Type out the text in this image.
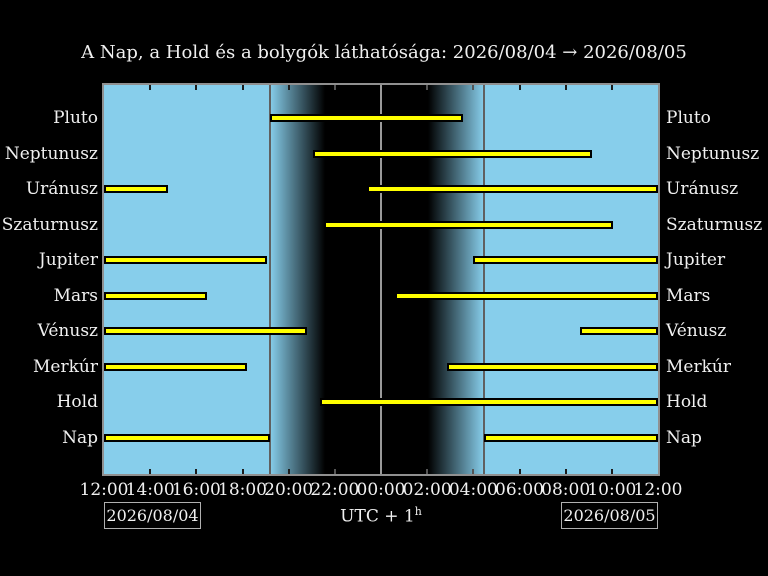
A Nap, a Hold és a bolygók láthatósága: 2026/08/04 → 2026/08/05
Pluto
Neptunusz
Uránusz
Szaturnusz
Jupiter
Mars
Vénusz
Merkúr
Hold
Nap
Pluto
Neptunusz
Uránusz
Szaturnusz
Jupiter
Mars
Vénusz
Merkúr
Hold
Nap
12:00
14:00
16:00
18:00
20:00
22:00
00:00
02:00
04:00
06:00
08:00
10:00
12:00
2026/08/04	UTC + $1^h$	2026/08/05
